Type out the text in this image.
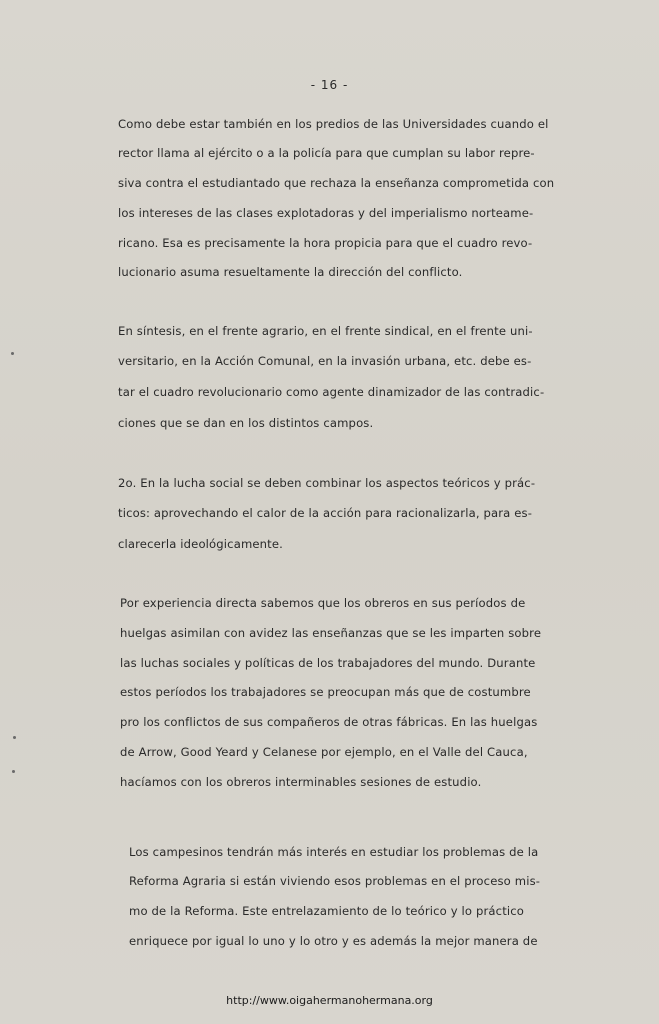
- 16 -
Como debe estar también en los predios de las Universidades cuando el
rector llama al ejército o a la policía para que cumplan su labor repre-
siva contra el estudiantado que rechaza la enseñanza comprometida con
los intereses de las clases explotadoras y del imperialismo norteame-
ricano. Esa es precisamente la hora propicia para que el cuadro revo-
lucionario asuma resueltamente la dirección del conflicto.
En síntesis, en el frente agrario, en el frente sindical, en el frente uni-
versitario, en la Acción Comunal, en la invasión urbana, etc. debe es-
tar el cuadro revolucionario como agente dinamizador de las contradic-
ciones que se dan en los distintos campos.
2o. En la lucha social se deben combinar los aspectos teóricos y prác-
ticos: aprovechando el calor de la acción para racionalizarla, para es-
clarecerla ideológicamente.
Por experiencia directa sabemos que los obreros en sus períodos de
huelgas asimilan con avidez las enseñanzas que se les imparten sobre
las luchas sociales y políticas de los trabajadores del mundo. Durante
estos períodos los trabajadores se preocupan más que de costumbre
pro los conflictos de sus compañeros de otras fábricas. En las huelgas
de Arrow, Good Yeard y Celanese por ejemplo, en el Valle del Cauca,
hacíamos con los obreros interminables sesiones de estudio.
Los campesinos tendrán más interés en estudiar los problemas de la
Reforma Agraria si están viviendo esos problemas en el proceso mis-
mo de la Reforma. Este entrelazamiento de lo teórico y lo práctico
enriquece por igual lo uno y lo otro y es además la mejor manera de
http://www.oigahermanohermana.org
